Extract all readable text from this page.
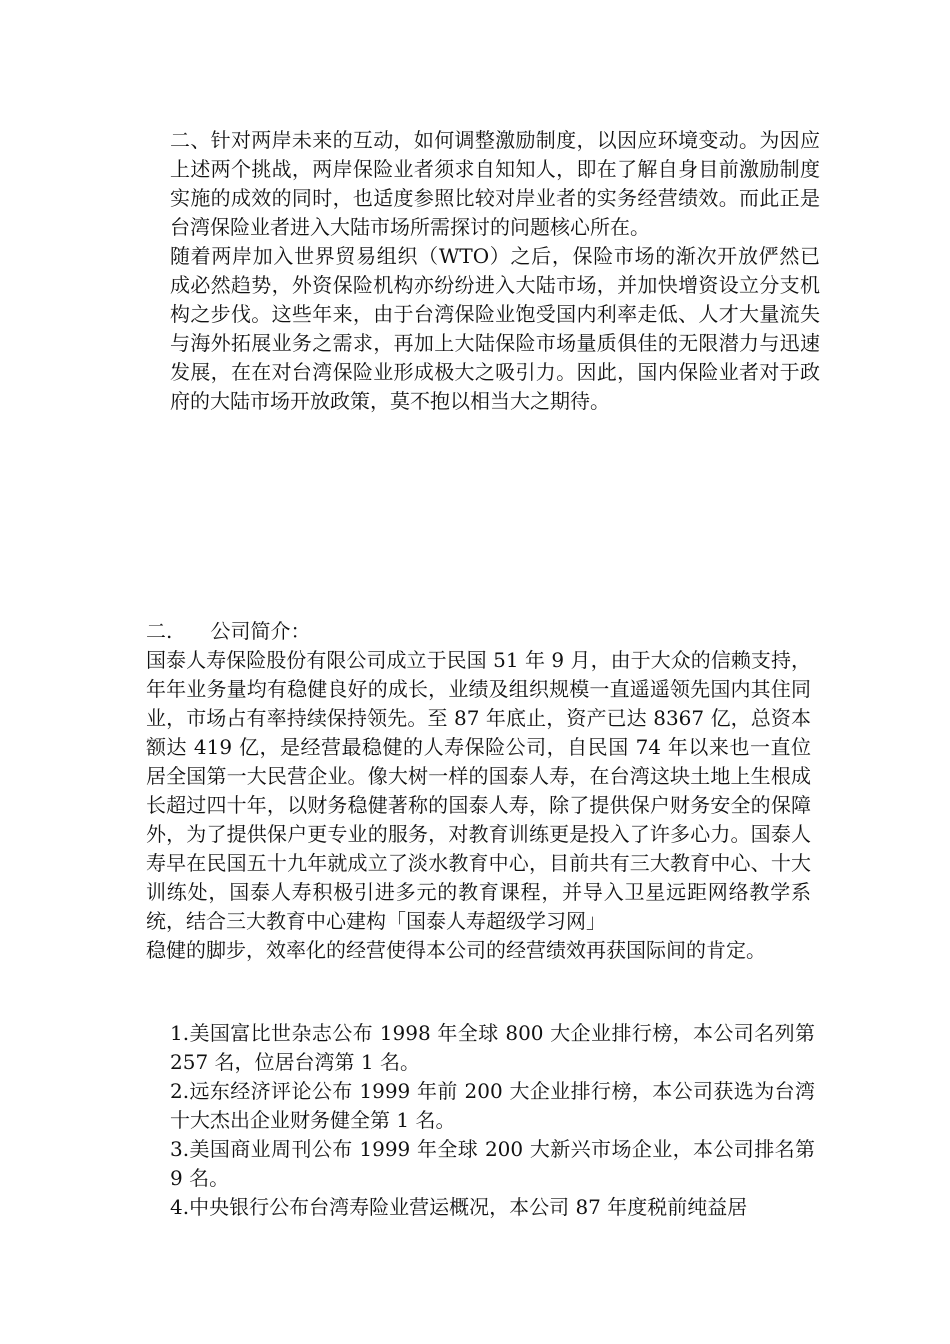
二、针对两岸未来的互动，如何调整激励制度，以因应环境变动。为因应上述两个挑战，两岸保险业者须求自知知人，即在了解自身目前激励制度实施的成效的同时，也适度参照比较对岸业者的实务经营绩效。而此正是台湾保险业者进入大陆市场所需探讨的问题核心所在。

随着两岸加入世界贸易组织（WTO）之后，保险市场的渐次开放俨然已成必然趋势，外资保险机构亦纷纷进入大陆市场，并加快增资设立分支机构之步伐。这些年来，由于台湾保险业饱受国内利率走低、人才大量流失与海外拓展业务之需求，再加上大陆保险市场量质俱佳的无限潜力与迅速发展，在在对台湾保险业形成极大之吸引力。因此，国内保险业者对于政府的大陆市场开放政策，莫不抱以相当大之期待。

二. 公司简介：

国泰人寿保险股份有限公司成立于民国 51 年 9 月，由于大众的信赖支持，年年业务量均有稳健良好的成长，业绩及组织规模一直遥遥领先国内其住同业，市场占有率持续保持领先。至 87 年底止，资产已达 8367 亿，总资本额达 419 亿，是经营最稳健的人寿保险公司，自民国 74 年以来也一直位居全国第一大民营企业。像大树一样的国泰人寿，在台湾这块土地上生根成长超过四十年，以财务稳健著称的国泰人寿，除了提供保户财务安全的保障外，为了提供保户更专业的服务，对教育训练更是投入了许多心力。国泰人寿早在民国五十九年就成立了淡水教育中心，目前共有三大教育中心、十大训练处，国泰人寿积极引进多元的教育课程，并导入卫星远距网络教学系统，结合三大教育中心建构「国泰人寿超级学习网」

稳健的脚步，效率化的经营使得本公司的经营绩效再获国际间的肯定。

1.美国富比世杂志公布 1998 年全球 800 大企业排行榜，本公司名列第 257 名，位居台湾第 1 名。
2.远东经济评论公布 1999 年前 200 大企业排行榜，本公司获选为台湾十大杰出企业财务健全第 1 名。
3.美国商业周刊公布 1999 年全球 200 大新兴市场企业，本公司排名第 9 名。
4.中央银行公布台湾寿险业营运概况，本公司 87 年度税前纯益居
